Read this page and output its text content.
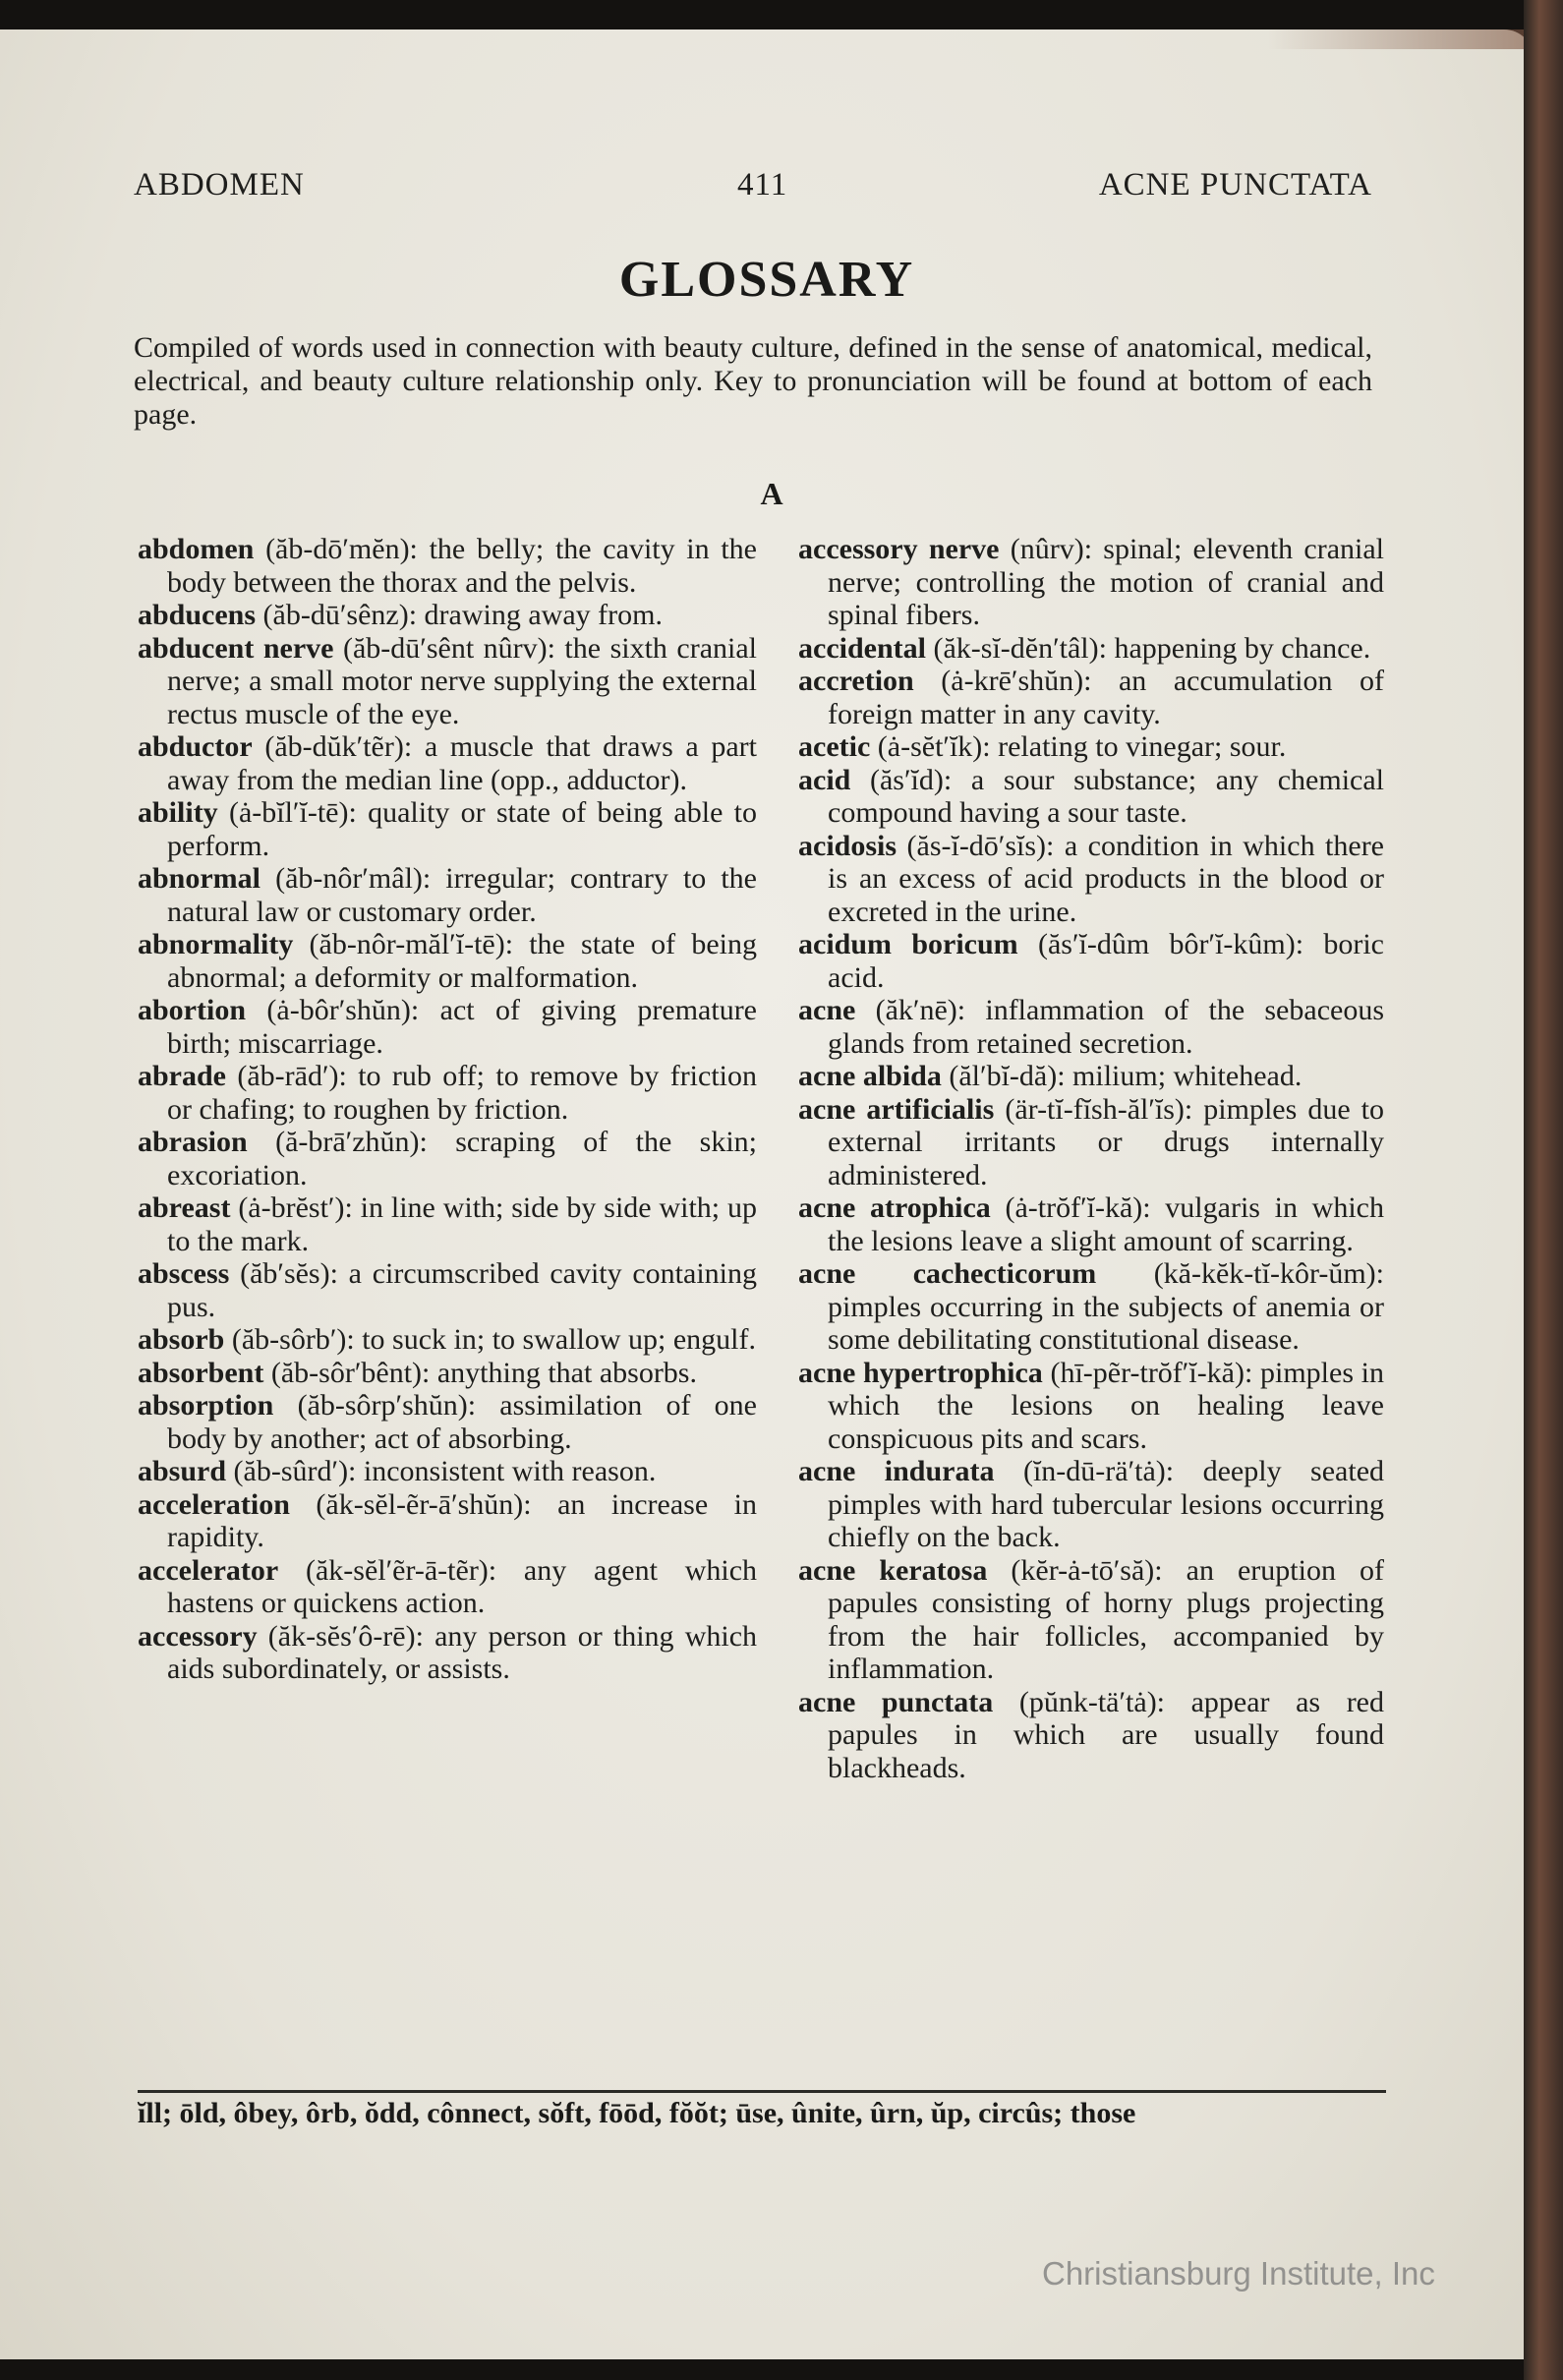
ABDOMEN	411	ACNE PUNCTATA
GLOSSARY

Compiled of words used in connection with beauty culture, defined in the sense of anatomical, medical, electrical, and beauty culture relationship only. Key to pronunciation will be found at bottom of each page.

A

abdomen (ăb-dō′mĕn): the belly; the cavity in the body between the thorax and the pelvis.

abducens (ăb-dū′sênz): drawing away from.

abducent nerve (ăb-dū′sênt nûrv): the sixth cranial nerve; a small motor nerve supplying the external rectus muscle of the eye.

abductor (ăb-dŭk′tẽr): a muscle that draws a part away from the median line (opp., adductor).

ability (ȧ-bĭl′ĭ-tē): quality or state of being able to perform.

abnormal (ăb-nôr′mâl): irregular; contrary to the natural law or customary order.

abnormality (ăb-nôr-măl′ĭ-tē): the state of being abnormal; a deformity or malformation.

abortion (ȧ-bôr′shŭn): act of giving premature birth; miscarriage.

abrade (ăb-rād′): to rub off; to remove by friction or chafing; to roughen by friction.

abrasion (ă-brā′zhŭn): scraping of the skin; excoriation.

abreast (ȧ-brĕst′): in line with; side by side with; up to the mark.

abscess (ăb′sĕs): a circumscribed cavity containing pus.

absorb (ăb-sôrb′): to suck in; to swallow up; engulf.

absorbent (ăb-sôr′bênt): anything that absorbs.

absorption (ăb-sôrp′shŭn): assimilation of one body by another; act of absorbing.

absurd (ăb-sûrd′): inconsistent with reason.

acceleration (ăk-sĕl-ẽr-ā′shŭn): an increase in rapidity.

accelerator (ăk-sĕl′ẽr-ā-tẽr): any agent which hastens or quickens action.

accessory (ăk-sĕs′ô-rē): any person or thing which aids subordinately, or assists.

accessory nerve (nûrv): spinal; eleventh cranial nerve; controlling the motion of cranial and spinal fibers.

accidental (ăk-sĭ-dĕn′tâl): happening by chance.

accretion (ȧ-krē′shŭn): an accumulation of foreign matter in any cavity.

acetic (ȧ-sĕt′ĭk): relating to vinegar; sour.

acid (ăs′ĭd): a sour substance; any chemical compound having a sour taste.

acidosis (ăs-ĭ-dō′sĭs): a condition in which there is an excess of acid products in the blood or excreted in the urine.

acidum boricum (ăs′ĭ-dûm bôr′ĭ-kûm): boric acid.

acne (ăk′nē): inflammation of the sebaceous glands from retained secretion.

acne albida (ăl′bĭ-dă): milium; whitehead.

acne artificialis (är-tĭ-fĭsh-ăl′ĭs): pimples due to external irritants or drugs internally administered.

acne atrophica (ȧ-trŏf′ĭ-kă): vulgaris in which the lesions leave a slight amount of scarring.

acne cachecticorum (kă-kĕk-tĭ-kôr-ŭm): pimples occurring in the subjects of anemia or some debilitating constitutional disease.

acne hypertrophica (hī-pẽr-trŏf′ĭ-kă): pimples in which the lesions on healing leave conspicuous pits and scars.

acne indurata (ĭn-dū-rä′tȧ): deeply seated pimples with hard tubercular lesions occurring chiefly on the back.

acne keratosa (kĕr-ȧ-tō′să): an eruption of papules consisting of horny plugs projecting from the hair follicles, accompanied by inflammation.

acne punctata (pŭnk-tä′tȧ): appear as red papules in which are usually found blackheads.

ĭll; ōld, ôbey, ôrb, ŏdd, cônnect, sŏft, fōōd, fŏŏt; ūse, ûnite, ûrn, ŭp, circûs; those
Christiansburg Institute, Inc
